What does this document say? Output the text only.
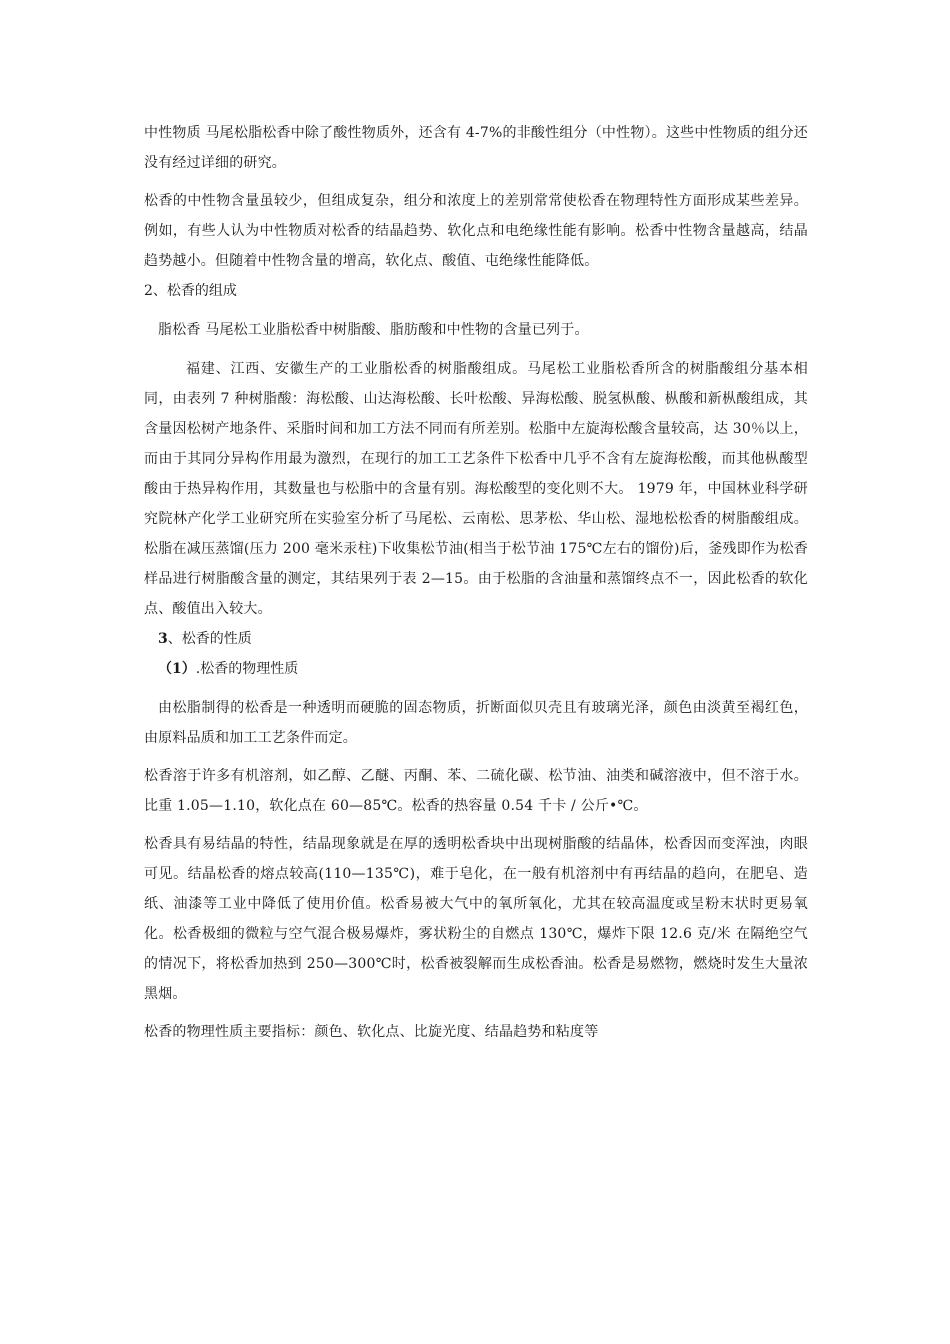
中性物质 马尾松脂松香中除了酸性物质外，还含有 4-7%的非酸性组分（中性物）。这些中性物质的组分还没有经过详细的研究。

松香的中性物含量虽较少，但组成复杂，组分和浓度上的差别常常使松香在物理特性方面形成某些差异。例如，有些人认为中性物质对松香的结晶趋势、软化点和电绝缘性能有影响。松香中性物含量越高，结晶趋势越小。但随着中性物含量的增高，软化点、酸值、屯绝缘性能降低。

2、松香的组成

脂松香 马尾松工业脂松香中树脂酸、脂肪酸和中性物的含量已列于。

福建、江西、安徽生产的工业脂松香的树脂酸组成。马尾松工业脂松香所含的树脂酸组分基本相同，由表列 7 种树脂酸：海松酸、山达海松酸、长叶松酸、异海松酸、脱氢枞酸、枞酸和新枞酸组成，其含量因松树产地条件、采脂时间和加工方法不同而有所差别。松脂中左旋海松酸含量较高，达 30％以上，而由于其同分异构作用最为激烈，在现行的加工工艺条件下松香中几乎不含有左旋海松酸，而其他枞酸型酸由于热异构作用，其数量也与松脂中的含量有别。海松酸型的变化则不大。 1979 年，中国林业科学研究院林产化学工业研究所在实验室分析了马尾松、云南松、思茅松、华山松、湿地松松香的树脂酸组成。松脂在减压蒸馏(压力 200 毫米汞柱)下收集松节油(相当于松节油 175℃左右的馏份)后，釜残即作为松香样品进行树脂酸含量的测定，其结果列于表 2—15。由于松脂的含油量和蒸馏终点不一，因此松香的软化点、酸值出入较大。

3、松香的性质

（1）.松香的物理性质

由松脂制得的松香是一种透明而硬脆的固态物质，折断面似贝壳且有玻璃光泽，颜色由淡黄至褐红色，由原料品质和加工工艺条件而定。

松香溶于许多有机溶剂，如乙醇、乙醚、丙酮、苯、二硫化碳、松节油、油类和碱溶液中，但不溶于水。比重 1.05—1.10，软化点在 60—85℃。松香的热容量 0.54 千卡 / 公斤•℃。

松香具有易结晶的特性，结晶现象就是在厚的透明松香块中出现树脂酸的结晶体，松香因而变浑浊，肉眼可见。结晶松香的熔点较高(110—135℃)，难于皂化，在一般有机溶剂中有再结晶的趋向，在肥皂、造纸、油漆等工业中降低了使用价值。松香易被大气中的氧所氧化，尤其在较高温度或呈粉末状时更易氧化。松香极细的微粒与空气混合极易爆炸，雾状粉尘的自燃点 130℃，爆炸下限 12.6 克/米 在隔绝空气的情况下，将松香加热到 250—300℃时，松香被裂解而生成松香油。松香是易燃物，燃烧时发生大量浓黑烟。

松香的物理性质主要指标：颜色、软化点、比旋光度、结晶趋势和粘度等
